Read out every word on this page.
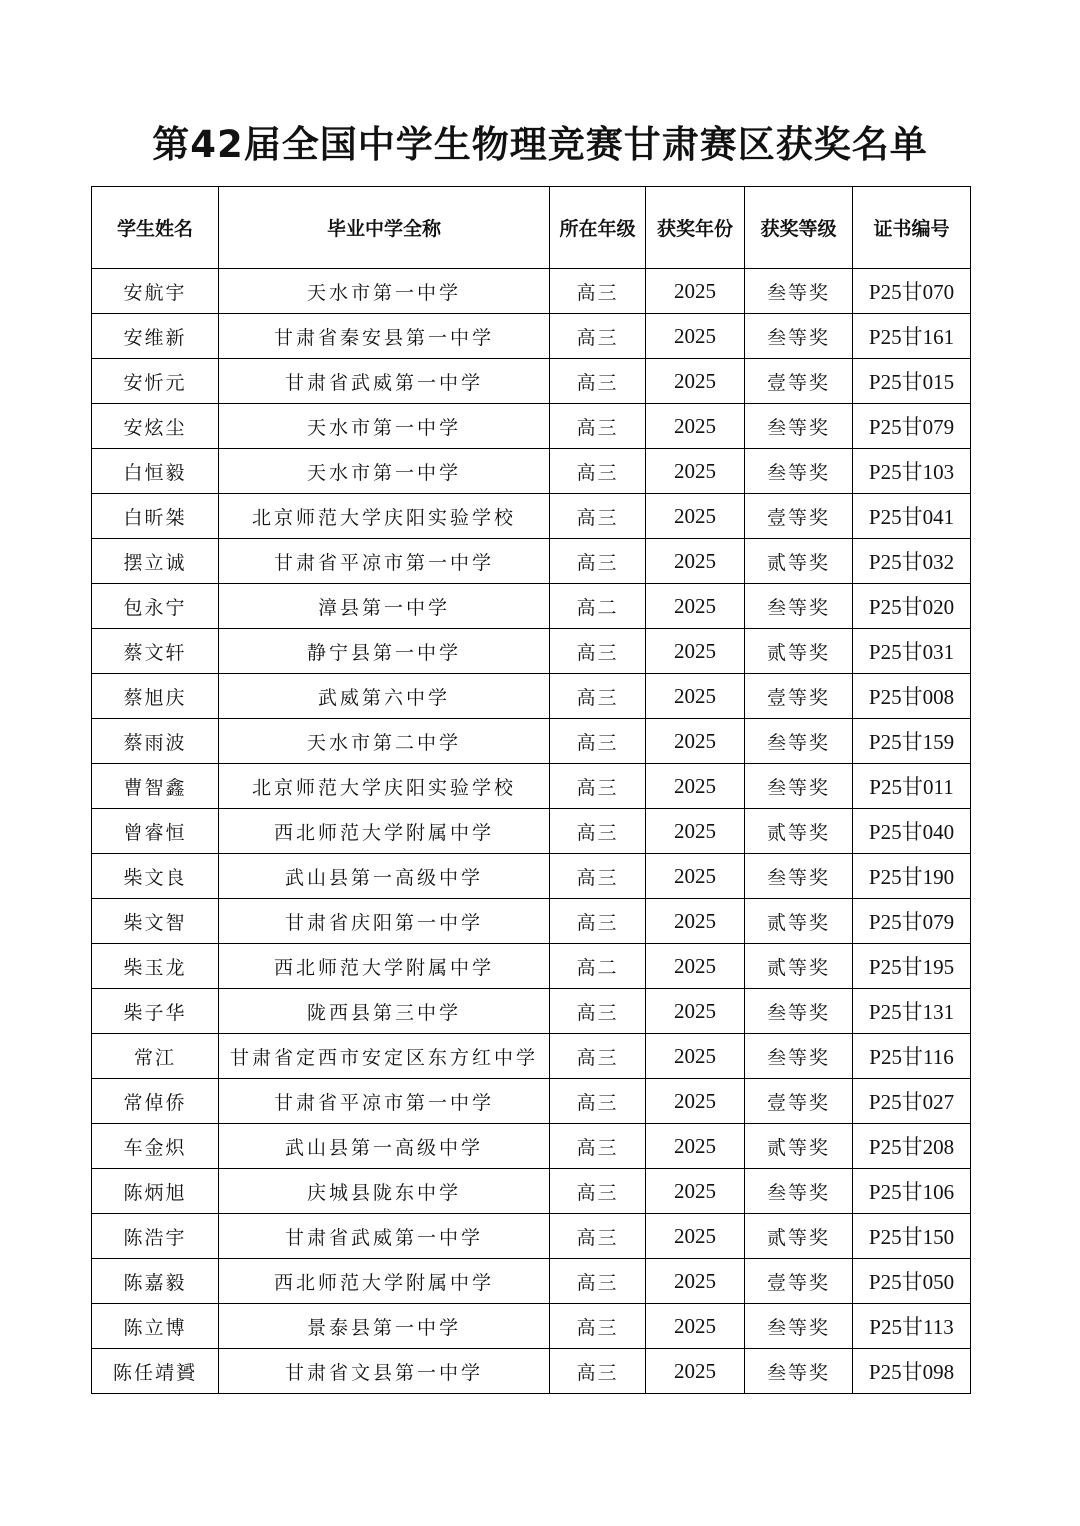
第42届全国中学生物理竞赛甘肃赛区获奖名单
学生姓名	毕业中学全称	所在年级	获奖年份	获奖等级	证书编号
安航宇	天水市第一中学	高三	2025	叁等奖	P25甘070
安维新	甘肃省秦安县第一中学	高三	2025	叁等奖	P25甘161
安忻元	甘肃省武威第一中学	高三	2025	壹等奖	P25甘015
安炫尘	天水市第一中学	高三	2025	叁等奖	P25甘079
白恒毅	天水市第一中学	高三	2025	叁等奖	P25甘103
白昕桀	北京师范大学庆阳实验学校	高三	2025	壹等奖	P25甘041
摆立诚	甘肃省平凉市第一中学	高三	2025	贰等奖	P25甘032
包永宁	漳县第一中学	高二	2025	叁等奖	P25甘020
蔡文轩	静宁县第一中学	高三	2025	贰等奖	P25甘031
蔡旭庆	武威第六中学	高三	2025	壹等奖	P25甘008
蔡雨波	天水市第二中学	高三	2025	叁等奖	P25甘159
曹智鑫	北京师范大学庆阳实验学校	高三	2025	叁等奖	P25甘011
曾睿恒	西北师范大学附属中学	高三	2025	贰等奖	P25甘040
柴文良	武山县第一高级中学	高三	2025	叁等奖	P25甘190
柴文智	甘肃省庆阳第一中学	高三	2025	贰等奖	P25甘079
柴玉龙	西北师范大学附属中学	高二	2025	贰等奖	P25甘195
柴子华	陇西县第三中学	高三	2025	叁等奖	P25甘131
常江	甘肃省定西市安定区东方红中学	高三	2025	叁等奖	P25甘116
常倬侨	甘肃省平凉市第一中学	高三	2025	壹等奖	P25甘027
车金炽	武山县第一高级中学	高三	2025	贰等奖	P25甘208
陈炳旭	庆城县陇东中学	高三	2025	叁等奖	P25甘106
陈浩宇	甘肃省武威第一中学	高三	2025	贰等奖	P25甘150
陈嘉毅	西北师范大学附属中学	高三	2025	壹等奖	P25甘050
陈立博	景泰县第一中学	高三	2025	叁等奖	P25甘113
陈任靖贇	甘肃省文县第一中学	高三	2025	叁等奖	P25甘098
